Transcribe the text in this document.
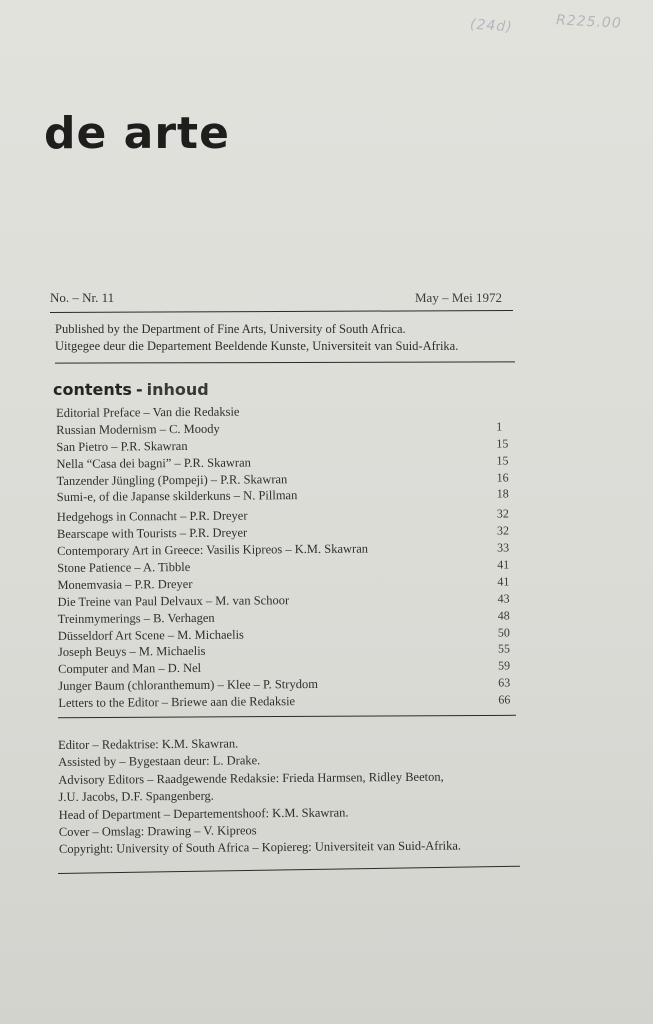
(24d)	R225.00
de arte
No. – Nr. 11	May – Mei 1972
Published by the Department of Fine Arts, University of South Africa.
Uitgegee deur die Departement Beeldende Kunste, Universiteit van Suid-Afrika.
contents - inhoud
Editorial Preface – Van die Redaksie
Russian Modernism – C. Moody	1
San Pietro – P.R. Skawran	15
Nella “Casa dei bagni” – P.R. Skawran	15
Tanzender Jüngling (Pompeji) – P.R. Skawran	16
Sumi-e, of die Japanse skilderkuns – N. Pillman	18
Hedgehogs in Connacht – P.R. Dreyer	32
Bearscape with Tourists – P.R. Dreyer	32
Contemporary Art in Greece: Vasilis Kipreos – K.M. Skawran	33
Stone Patience – A. Tibble	41
Monemvasia – P.R. Dreyer	41
Die Treine van Paul Delvaux – M. van Schoor	43
Treinmymerings – B. Verhagen	48
Düsseldorf Art Scene – M. Michaelis	50
Joseph Beuys – M. Michaelis	55
Computer and Man – D. Nel	59
Junger Baum (chloranthemum) – Klee – P. Strydom	63
Letters to the Editor – Briewe aan die Redaksie	66
Editor – Redaktrise: K.M. Skawran.
Assisted by – Bygestaan deur: L. Drake.
Advisory Editors – Raadgewende Redaksie: Frieda Harmsen, Ridley Beeton,
J.U. Jacobs, D.F. Spangenberg.
Head of Department – Departementshoof: K.M. Skawran.
Cover – Omslag: Drawing – V. Kipreos
Copyright: University of South Africa – Kopiereg: Universiteit van Suid-Afrika.
